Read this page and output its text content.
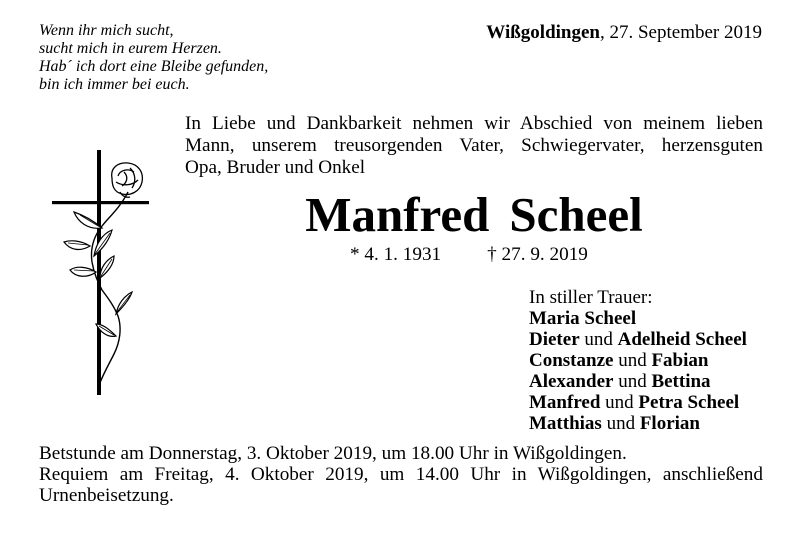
Wenn ihr mich sucht,
sucht mich in eurem Herzen.
Hab´ ich dort eine Bleibe gefunden,
bin ich immer bei euch.
Wißgoldingen, 27. September 2019
In Liebe und Dankbarkeit nehmen wir Abschied von meinem lieben
Mann, unserem treusorgenden Vater, Schwiegervater, herzensguten
Opa, Bruder und Onkel
Manfred Scheel
* 4. 1. 1931 † 27. 9. 2019
In stiller Trauer:
Maria Scheel
Dieter und Adelheid Scheel
Constanze und Fabian
Alexander und Bettina
Manfred und Petra Scheel
Matthias und Florian
Betstunde am Donnerstag, 3. Oktober 2019, um 18.00 Uhr in Wißgoldingen.
Requiem am Freitag, 4. Oktober 2019, um 14.00 Uhr in Wißgoldingen, anschließend
Urnenbeisetzung.
